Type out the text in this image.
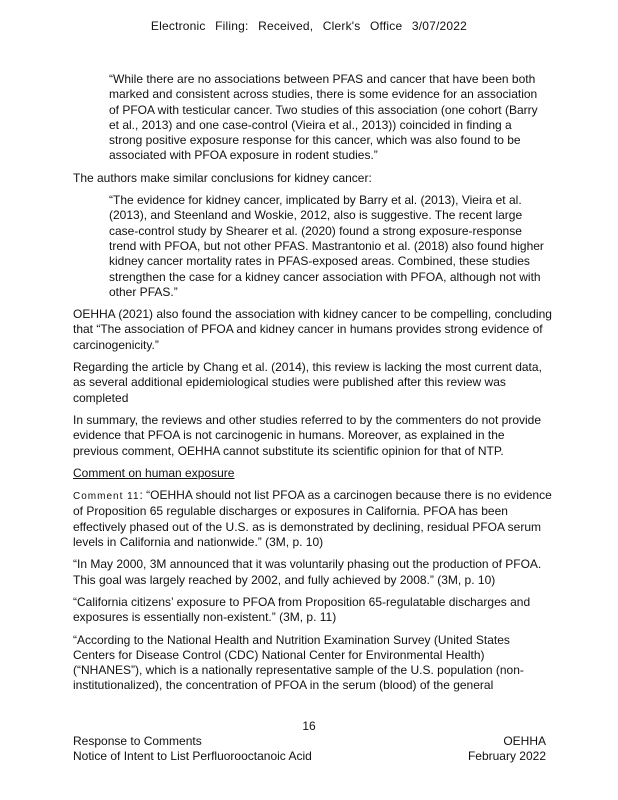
Electronic Filing: Received, Clerk's Office 3/07/2022

“While there are no associations between PFAS and cancer that have been both marked and consistent across studies, there is some evidence for an association of PFOA with testicular cancer. Two studies of this association (one cohort (Barry et al., 2013) and one case-control (Vieira et al., 2013)) coincided in finding a strong positive exposure response for this cancer, which was also found to be associated with PFOA exposure in rodent studies.”

The authors make similar conclusions for kidney cancer:

“The evidence for kidney cancer, implicated by Barry et al. (2013), Vieira et al. (2013), and Steenland and Woskie, 2012, also is suggestive. The recent large case-control study by Shearer et al. (2020) found a strong exposure-response trend with PFOA, but not other PFAS. Mastrantonio et al. (2018) also found higher kidney cancer mortality rates in PFAS-exposed areas. Combined, these studies strengthen the case for a kidney cancer association with PFOA, although not with other PFAS.”

OEHHA (2021) also found the association with kidney cancer to be compelling, concluding that “The association of PFOA and kidney cancer in humans provides strong evidence of carcinogenicity.”

Regarding the article by Chang et al. (2014), this review is lacking the most current data, as several additional epidemiological studies were published after this review was completed

In summary, the reviews and other studies referred to by the commenters do not provide evidence that PFOA is not carcinogenic in humans. Moreover, as explained in the previous comment, OEHHA cannot substitute its scientific opinion for that of NTP.

Comment on human exposure

Comment 11: “OEHHA should not list PFOA as a carcinogen because there is no evidence of Proposition 65 regulable discharges or exposures in California. PFOA has been effectively phased out of the U.S. as is demonstrated by declining, residual PFOA serum levels in California and nationwide.” (3M, p. 10)

“In May 2000, 3M announced that it was voluntarily phasing out the production of PFOA. This goal was largely reached by 2002, and fully achieved by 2008.” (3M, p. 10)

“California citizens’ exposure to PFOA from Proposition 65-regulatable discharges and exposures is essentially non-existent.” (3M, p. 11)

“According to the National Health and Nutrition Examination Survey (United States Centers for Disease Control (CDC) National Center for Environmental Health) (“NHANES”), which is a nationally representative sample of the U.S. population (non-institutionalized), the concentration of PFOA in the serum (blood) of the general

16
Response to Comments
Notice of Intent to List Perfluorooctanoic Acid
OEHHA
February 2022
